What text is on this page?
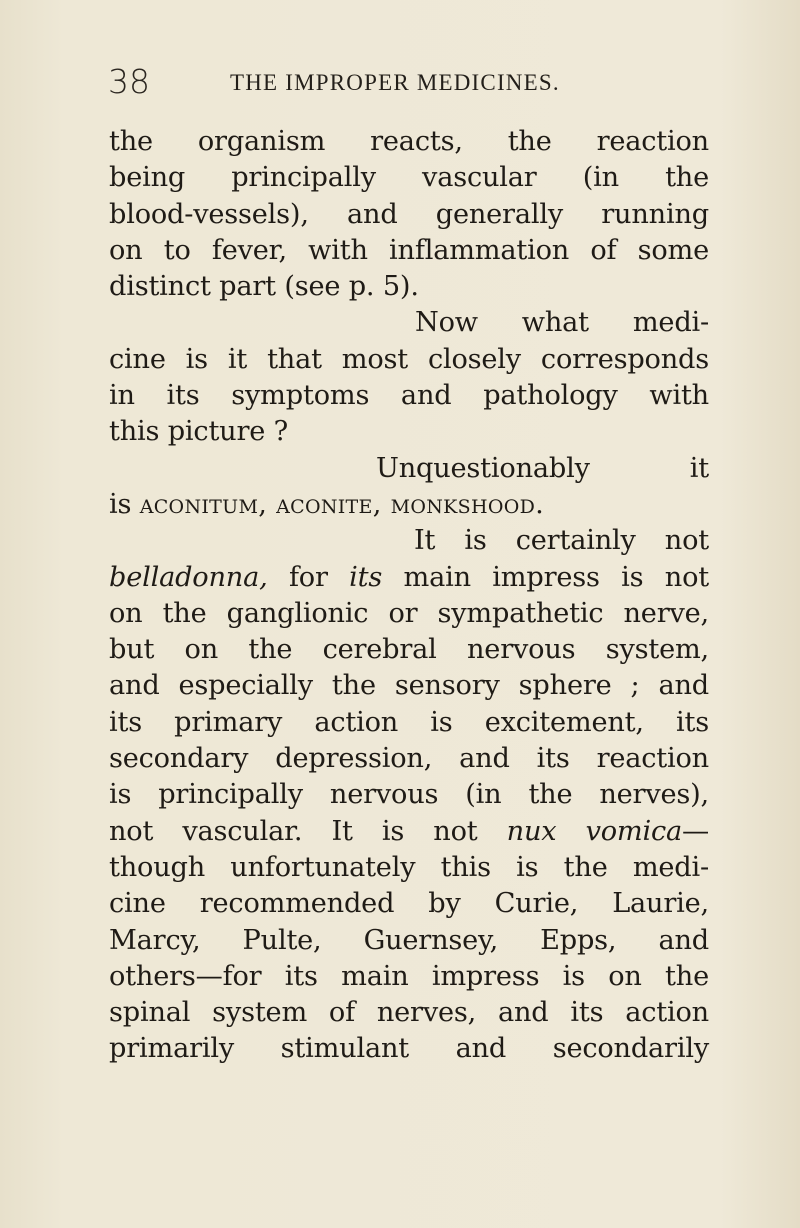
38	THE IMPROPER MEDICINES.
the organism reacts, the reaction
being principally vascular (in the
blood-vessels), and generally running
on to fever, with inflammation of some
distinct part (see p. 5).
Now what medi-
cine is it that most closely corresponds
in its symptoms and pathology with
this picture ?
Unquestionably it
is aconitum, aconite, monkshood.
It is certainly not
belladonna, for its main impress is not
on the ganglionic or sympathetic nerve,
but on the cerebral nervous system,
and especially the sensory sphere ; and
its primary action is excitement, its
secondary depression, and its reaction
is principally nervous (in the nerves),
not vascular. It is not nux vomica—
though unfortunately this is the medi-
cine recommended by Curie, Laurie,
Marcy, Pulte, Guernsey, Epps, and
others—for its main impress is on the
spinal system of nerves, and its action
primarily stimulant and secondarily
